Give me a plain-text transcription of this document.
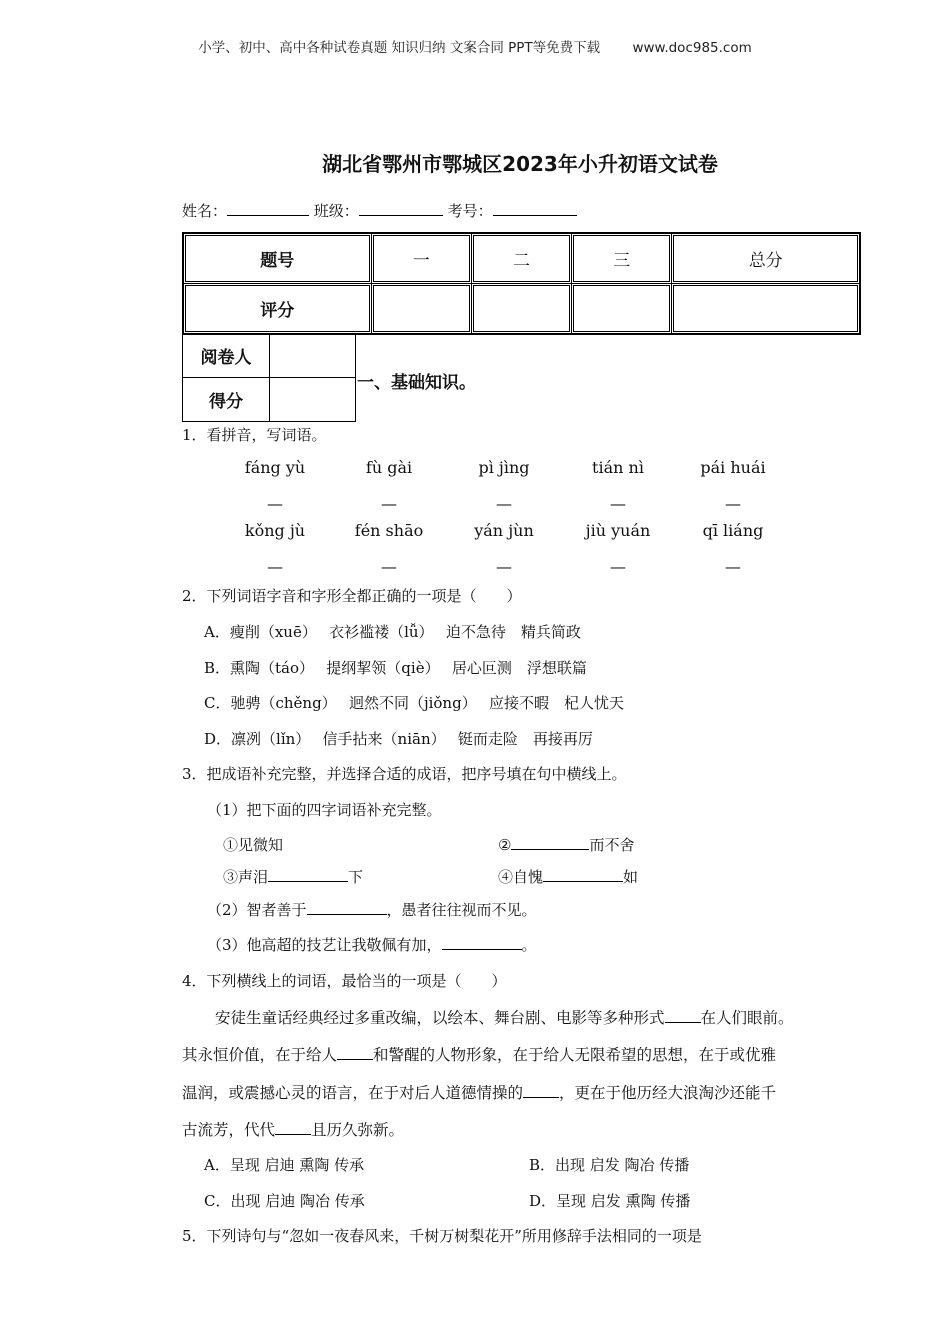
小学、初中、高中各种试卷真题 知识归纳 文案合同 PPT等免费下载 www.doc985.com
湖北省鄂州市鄂城区2023年小升初语文试卷
姓名：	班级：	考号：
题号	一	二	三	总分
评分				
阅卷人	
得分	
一、基础知识。
1．看拼音，写词语。
fáng yù	fù gài	pì jìng	tián nì	pái huái
—	—	—	—	—
kǒng jù	fén shāo	yán jùn	jiù yuán	qī liáng
—	—	—	—	—
2．下列词语字音和字形全都正确的一项是（　　）
A．瘦削（xuē）　 衣衫褴褛（lǚ）　 迫不急待　精兵简政
B．熏陶（táo）　 提纲挈领（qiè）　 居心叵测　浮想联篇
C．驰骋（chěng）　 迥然不同（jiǒng）　 应接不暇　杞人忧天
D．凛冽（lǐn）　 信手拈来（niān）　 铤而走险　再接再厉
3．把成语补充完整，并选择合适的成语，把序号填在句中横线上。
（1）把下面的四字词语补充完整。
①见微知	②	而不舍
③声泪	下	④自愧	如
（2）智者善于	，愚者往往视而不见。
（3）他高超的技艺让我敬佩有加，	。
4．下列横线上的词语，最恰当的一项是（　　）
安徒生童话经典经过多重改编，以绘本、舞台剧、电影等多种形式 在人们眼前。
其永恒价值，在于给人 和警醒的人物形象，在于给人无限希望的思想，在于或优雅
温润，或震撼心灵的语言，在于对后人道德情操的 ，更在于他历经大浪淘沙还能千
古流芳，代代 且历久弥新。
A．呈现 启迪 熏陶 传承	B．出现 启发 陶冶 传播
C．出现 启迪 陶冶 传承	D．呈现 启发 熏陶 传播
5．下列诗句与“忽如一夜春风来，千树万树梨花开”所用修辞手法相同的一项是
